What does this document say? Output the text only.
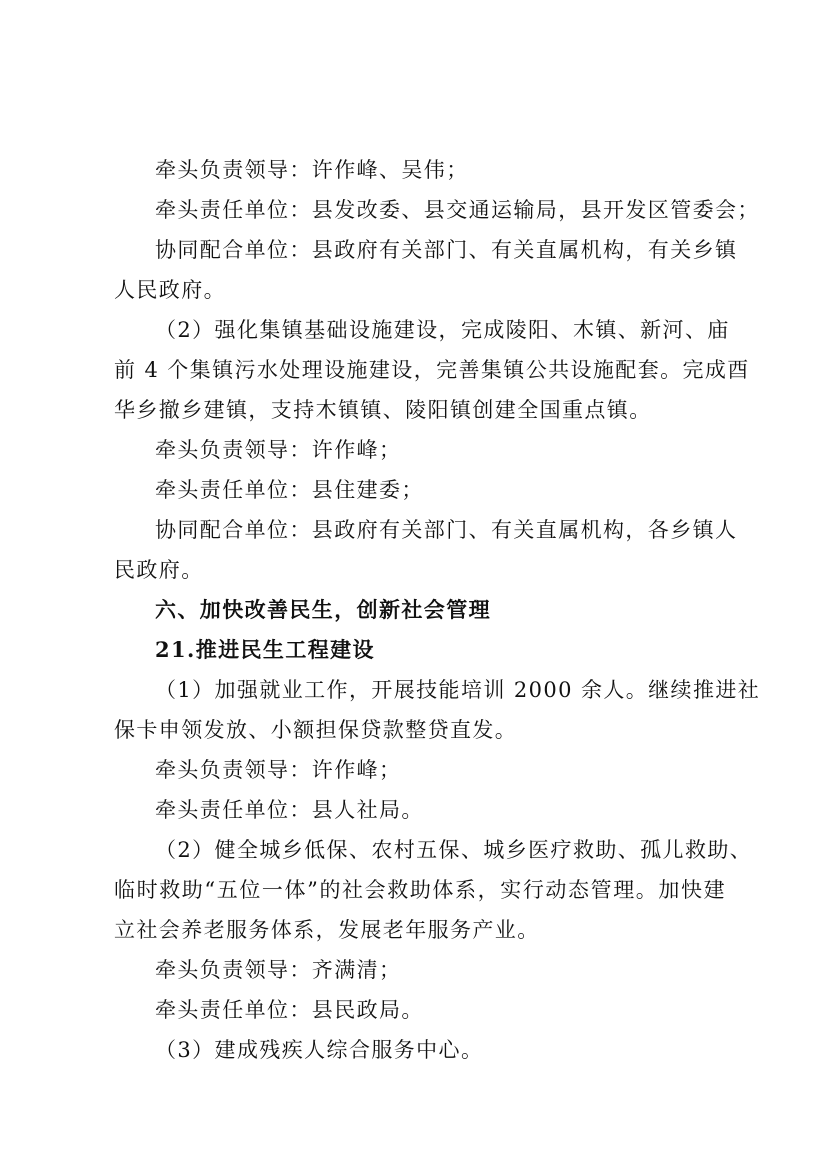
牵头负责领导：许作峰、吴伟；
牵头责任单位：县发改委、县交通运输局，县开发区管委会；
协同配合单位：县政府有关部门、有关直属机构，有关乡镇
人民政府。
（2）强化集镇基础设施建设，完成陵阳、木镇、新河、庙
前 4 个集镇污水处理设施建设，完善集镇公共设施配套。完成酉
华乡撤乡建镇，支持木镇镇、陵阳镇创建全国重点镇。
牵头负责领导：许作峰；
牵头责任单位：县住建委；
协同配合单位：县政府有关部门、有关直属机构，各乡镇人
民政府。
六、加快改善民生，创新社会管理
21.推进民生工程建设
（1）加强就业工作，开展技能培训 2000 余人。继续推进社
保卡申领发放、小额担保贷款整贷直发。
牵头负责领导：许作峰；
牵头责任单位：县人社局。
（2）健全城乡低保、农村五保、城乡医疗救助、孤儿救助、
临时救助“五位一体”的社会救助体系，实行动态管理。加快建
立社会养老服务体系，发展老年服务产业。
牵头负责领导：齐满清；
牵头责任单位：县民政局。
（3）建成残疾人综合服务中心。
